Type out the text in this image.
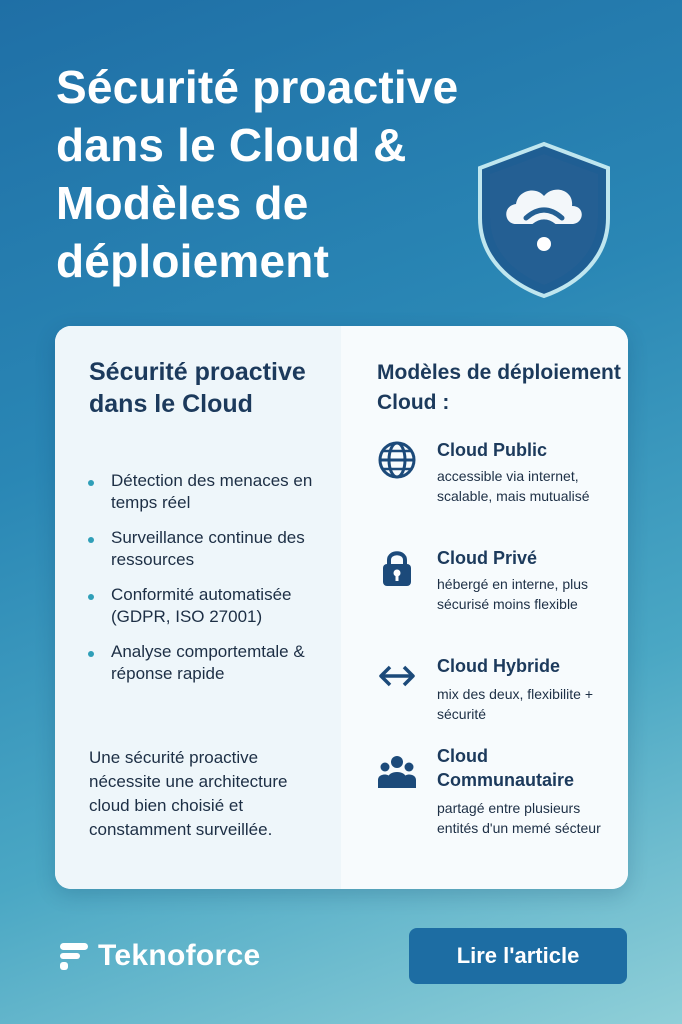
Sécurité proactive dans le Cloud & Modèles de déploiement
Sécurité proactive dans le Cloud
Détection des menaces en temps réel
Surveillance continue des ressources
Conformité automatisée (GDPR, ISO 27001)
Analyse comportemtale & réponse rapide
Une sécurité proactive nécessite une architecture cloud bien choisié et constamment surveillée.
Modèles de déploiement Cloud :
Cloud Public
accessible via internet, scalable, mais mutualisé
Cloud Privé
hébergé en interne, plus sécurisé moins flexible
Cloud Hybride
mix des deux, flexibilite + sécurité
Cloud Communautaire
partagé entre plusieurs entités d'un memé sécteur
Teknoforce	Lire l'article
